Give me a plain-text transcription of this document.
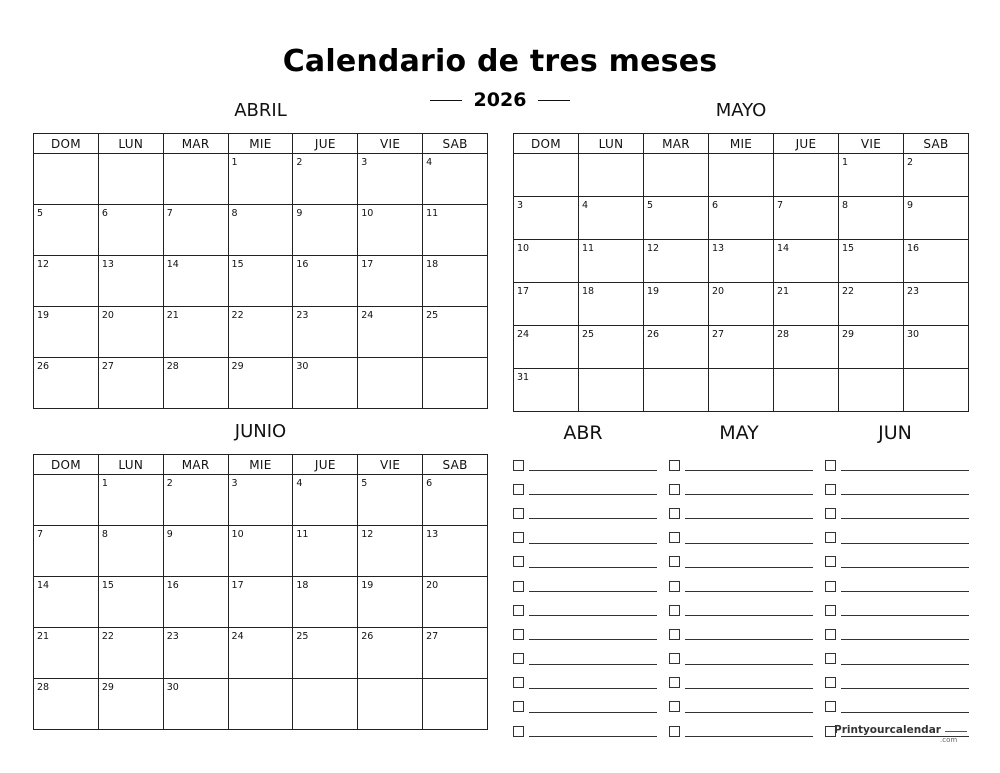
Calendario de tres meses
2026
ABRIL
DOM	LUN	MAR	MIE	JUE	VIE	SAB
			1	2	3	4
5	6	7	8	9	10	11
12	13	14	15	16	17	18
19	20	21	22	23	24	25
26	27	28	29	30		
MAYO
DOM	LUN	MAR	MIE	JUE	VIE	SAB
					1	2
3	4	5	6	7	8	9
10	11	12	13	14	15	16
17	18	19	20	21	22	23
24	25	26	27	28	29	30
31						
JUNIO
DOM	LUN	MAR	MIE	JUE	VIE	SAB
	1	2	3	4	5	6
7	8	9	10	11	12	13
14	15	16	17	18	19	20
21	22	23	24	25	26	27
28	29	30				
ABR	MAY	JUN
Printyourcalendar
.com
